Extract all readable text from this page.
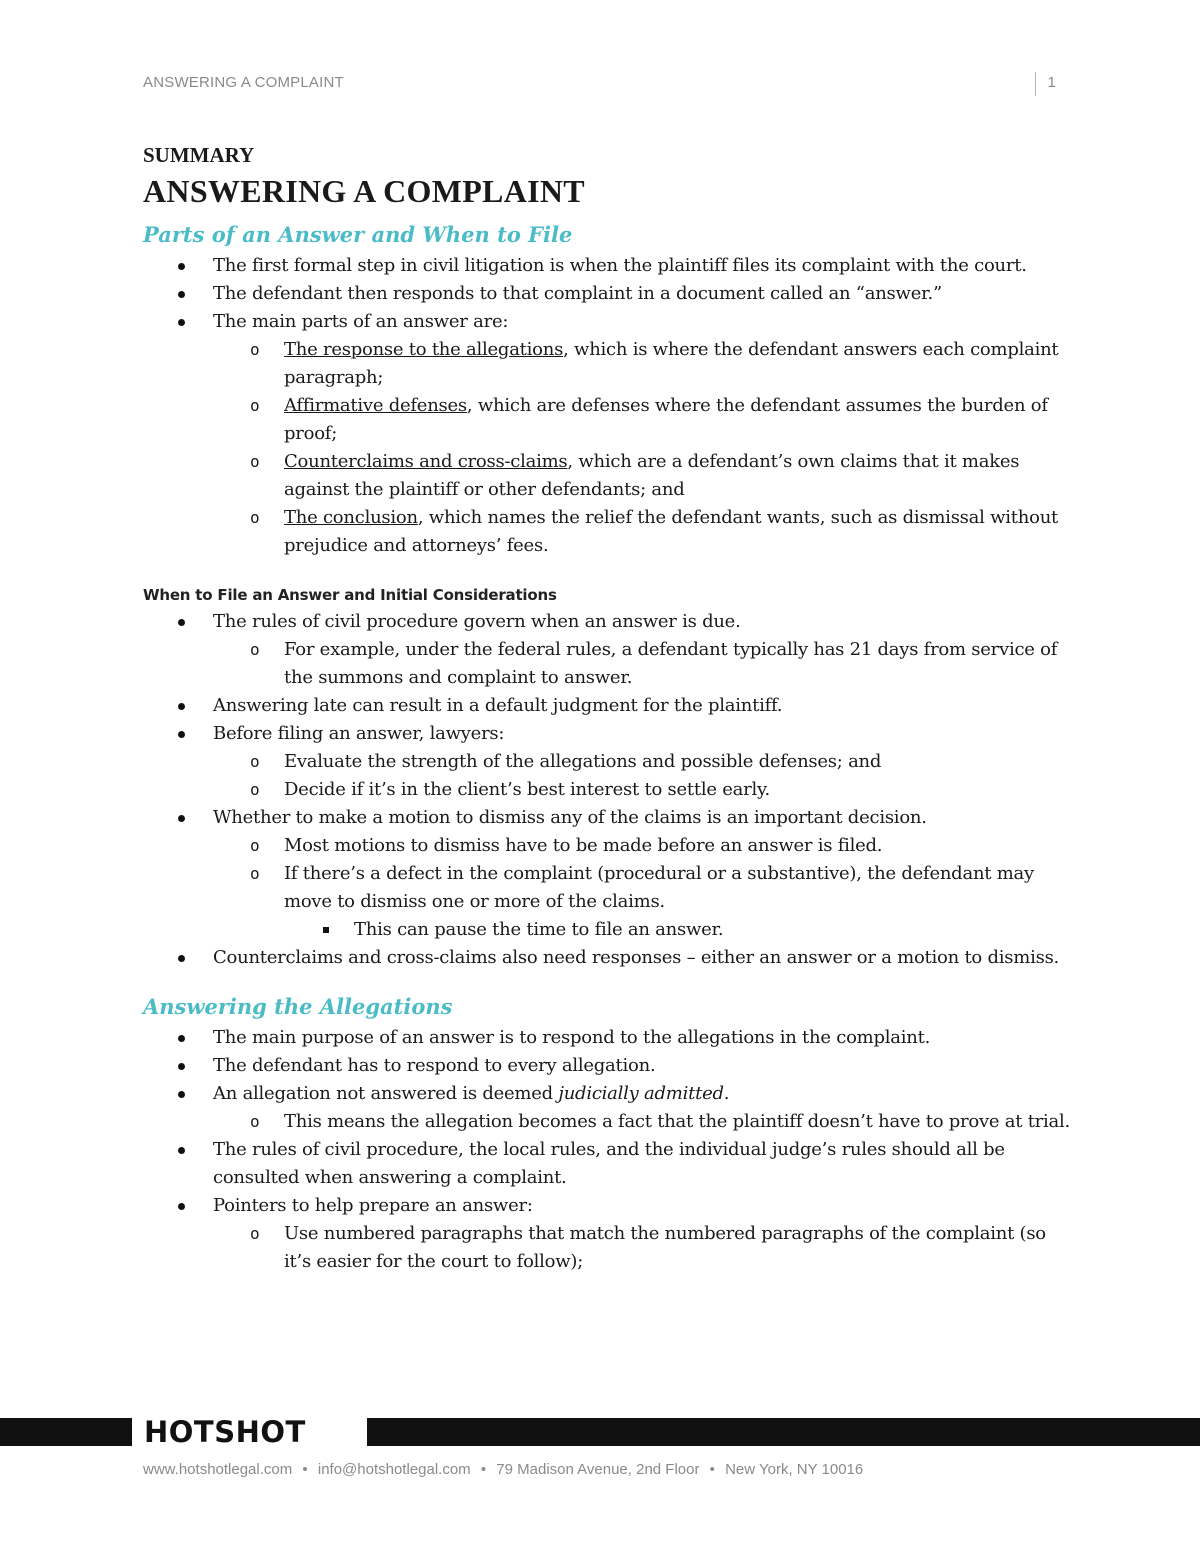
ANSWERING A COMPLAINT	1

SUMMARY

ANSWERING A COMPLAINT
Parts of an Answer and When to File
The first formal step in civil litigation is when the plaintiff files its complaint with the court.
The defendant then responds to that complaint in a document called an “answer.”
The main parts of an answer are:
o The response to the allegations, which is where the defendant answers each complaint paragraph;
o Affirmative defenses, which are defenses where the defendant assumes the burden of proof;
o Counterclaims and cross-claims, which are a defendant’s own claims that it makes against the plaintiff or other defendants; and
o The conclusion, which names the relief the defendant wants, such as dismissal without prejudice and attorneys’ fees.
When to File an Answer and Initial Considerations
The rules of civil procedure govern when an answer is due.
o For example, under the federal rules, a defendant typically has 21 days from service of the summons and complaint to answer.
Answering late can result in a default judgment for the plaintiff.
Before filing an answer, lawyers:
o Evaluate the strength of the allegations and possible defenses; and
o Decide if it’s in the client’s best interest to settle early.
Whether to make a motion to dismiss any of the claims is an important decision.
o Most motions to dismiss have to be made before an answer is filed.
o If there’s a defect in the complaint (procedural or a substantive), the defendant may move to dismiss one or more of the claims.
This can pause the time to file an answer.
Counterclaims and cross-claims also need responses – either an answer or a motion to dismiss.
Answering the Allegations
The main purpose of an answer is to respond to the allegations in the complaint.
The defendant has to respond to every allegation.
An allegation not answered is deemed judicially admitted.
o This means the allegation becomes a fact that the plaintiff doesn’t have to prove at trial.
The rules of civil procedure, the local rules, and the individual judge’s rules should all be consulted when answering a complaint.
Pointers to help prepare an answer:
o Use numbered paragraphs that match the numbered paragraphs of the complaint (so it’s easier for the court to follow);
HOTSHOT
www.hotshotlegal.com • info@hotshotlegal.com • 79 Madison Avenue, 2nd Floor • New York, NY 10016
